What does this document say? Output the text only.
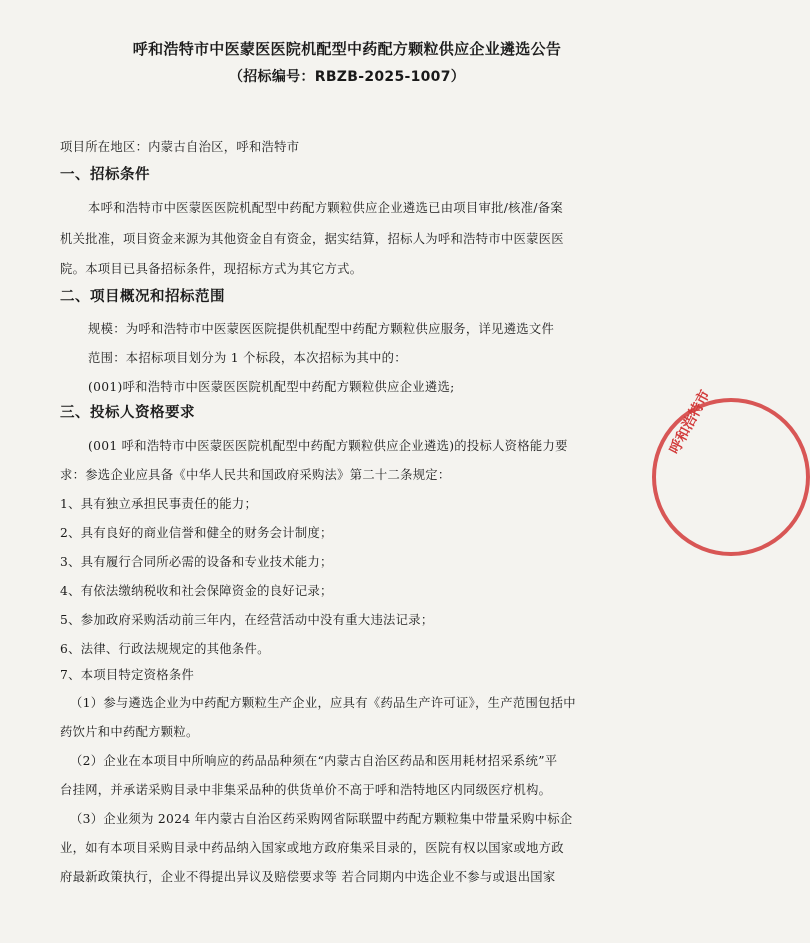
呼和浩特市中医蒙医医院机配型中药配方颗粒供应企业遴选公告
（招标编号：RBZB-2025-1007）
项目所在地区：内蒙古自治区，呼和浩特市
一、招标条件
本呼和浩特市中医蒙医医院机配型中药配方颗粒供应企业遴选已由项目审批/核准/备案
机关批准，项目资金来源为其他资金自有资金，据实结算，招标人为呼和浩特市中医蒙医医
院。本项目已具备招标条件，现招标方式为其它方式。
二、项目概况和招标范围
规模：为呼和浩特市中医蒙医医院提供机配型中药配方颗粒供应服务，详见遴选文件
范围：本招标项目划分为 1 个标段，本次招标为其中的：
(001)呼和浩特市中医蒙医医院机配型中药配方颗粒供应企业遴选;
三、投标人资格要求
(001 呼和浩特市中医蒙医医院机配型中药配方颗粒供应企业遴选)的投标人资格能力要
求：参选企业应具备《中华人民共和国政府采购法》第二十二条规定：
1、具有独立承担民事责任的能力；
2、具有良好的商业信誉和健全的财务会计制度；
3、具有履行合同所必需的设备和专业技术能力；
4、有依法缴纳税收和社会保障资金的良好记录；
5、参加政府采购活动前三年内，在经营活动中没有重大违法记录；
6、法律、行政法规规定的其他条件。
7、本项目特定资格条件
（1）参与遴选企业为中药配方颗粒生产企业，应具有《药品生产许可证》，生产范围包括中
药饮片和中药配方颗粒。
（2）企业在本项目中所响应的药品品种须在“内蒙古自治区药品和医用耗材招采系统”平
台挂网，并承诺采购目录中非集采品种的供货单价不高于呼和浩特地区内同级医疗机构。
（3）企业须为 2024 年内蒙古自治区药采购网省际联盟中药配方颗粒集中带量采购中标企
业，如有本项目采购目录中药品纳入国家或地方政府集采目录的，医院有权以国家或地方政
府最新政策执行，企业不得提出异议及赔偿要求等 若合同期内中选企业不参与或退出国家
呼和浩特市
